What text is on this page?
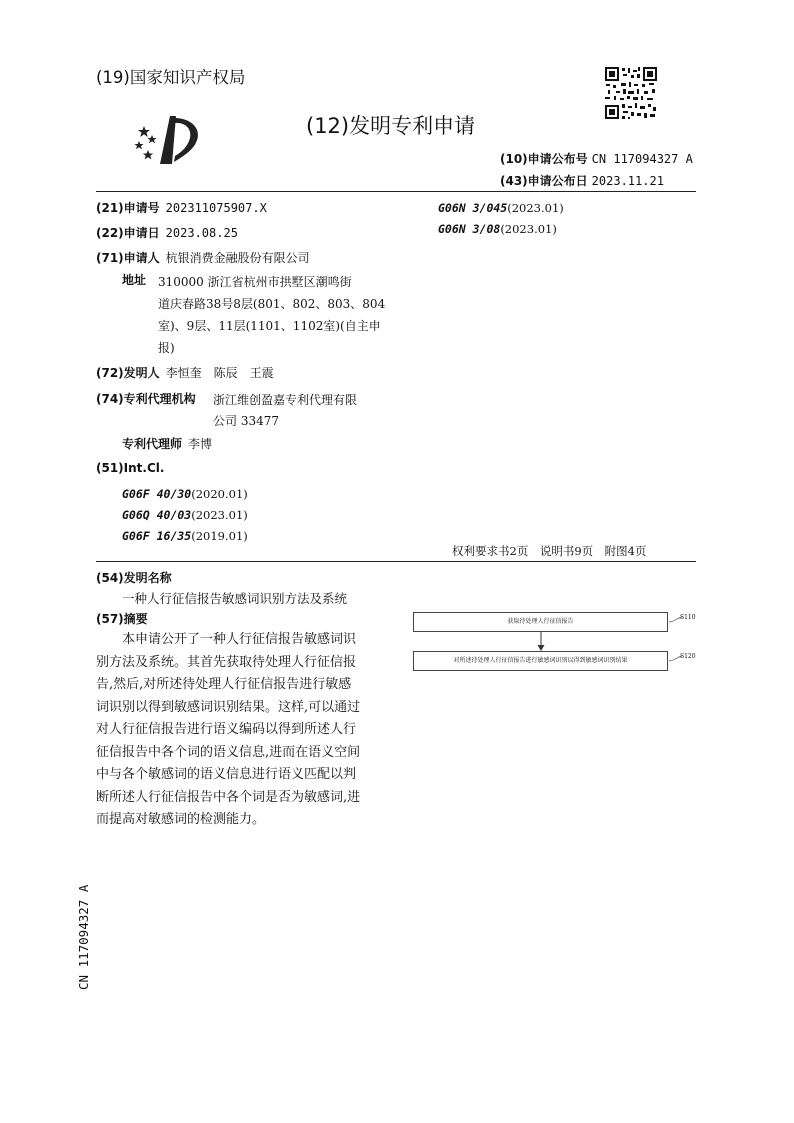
(19)国家知识产权局
(12)发明专利申请
(10)申请公布号 CN 117094327 A
(43)申请公布日 2023.11.21
(21)申请号 202311075907.X
(22)申请日 2023.08.25
(71)申请人 杭银消费金融股份有限公司
地址 310000 浙江省杭州市拱墅区潮鸣街
道庆春路38号8层(801、802、803、804
室)、9层、11层(1101、1102室)(自主申
报)
(72)发明人 李恒奎　陈辰　王震
(74)专利代理机构 浙江维创盈嘉专利代理有限
公司 33477
专利代理师 李博
(51)Int.Cl.
G06F 40/30(2020.01)
G06Q 40/03(2023.01)
G06F 16/35(2019.01)
G06N 3/045(2023.01)
G06N 3/08(2023.01)
权利要求书2页　说明书9页　附图4页
(54)发明名称
一种人行征信报告敏感词识别方法及系统
(57)摘要
　　本申请公开了一种人行征信报告敏感词识
别方法及系统。其首先获取待处理人行征信报
告,然后,对所述待处理人行征信报告进行敏感
词识别以得到敏感词识别结果。这样,可以通过
对人行征信报告进行语义编码以得到所述人行
征信报告中各个词的语义信息,进而在语义空间
中与各个敏感词的语义信息进行语义匹配以判
断所述人行征信报告中各个词是否为敏感词,进
而提高对敏感词的检测能力。
获取待处理人行征信报告
S110
对所述待处理人行征信报告进行敏感词识别以得到敏感词识别结果
S120
CN 117094327 A
